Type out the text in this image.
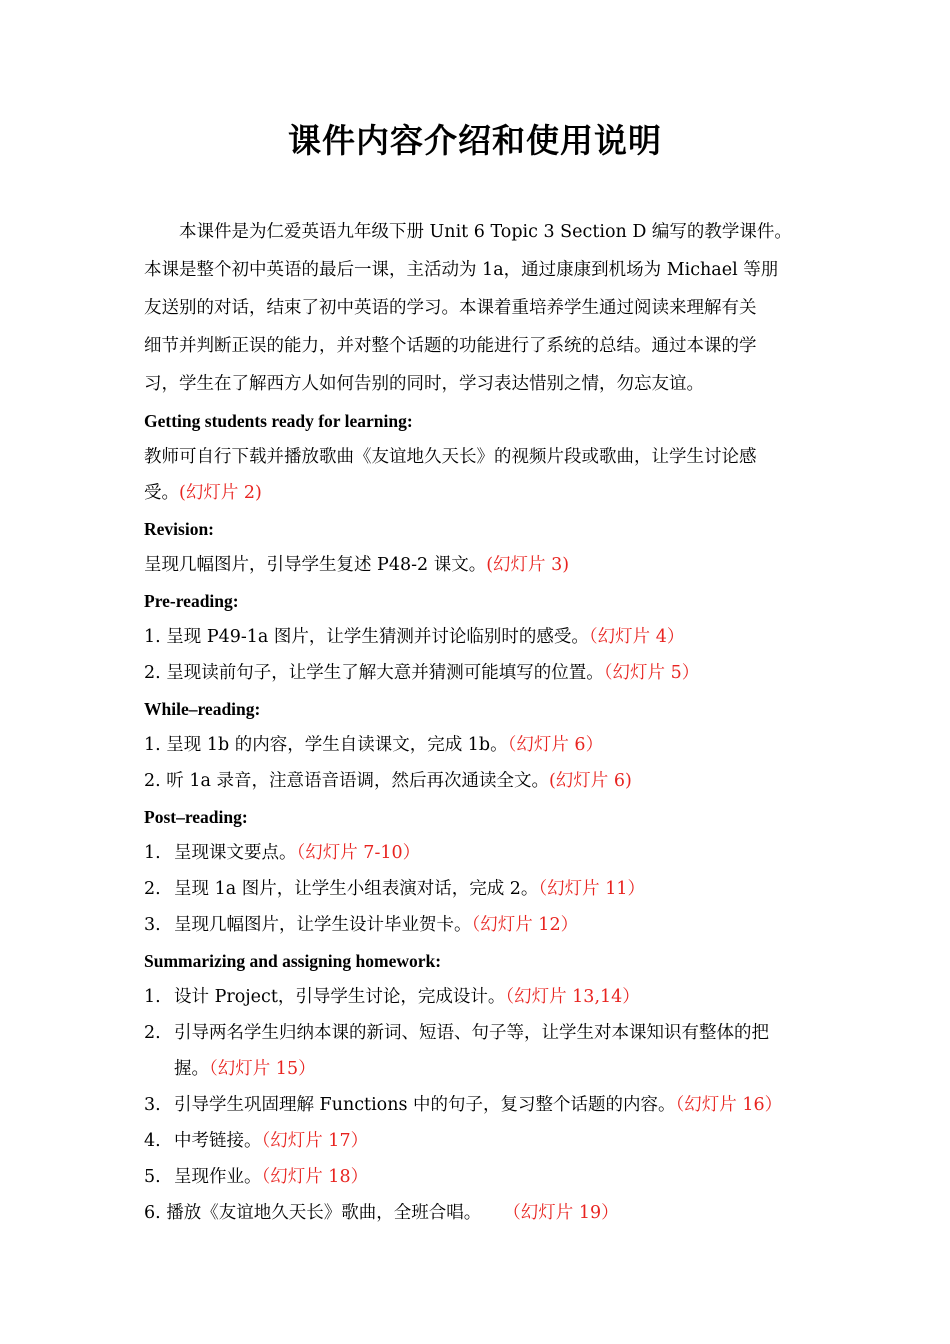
课件内容介绍和使用说明

本课件是为仁爱英语九年级下册 Unit 6 Topic 3 Section D 编写的教学课件。

本课是整个初中英语的最后一课，主活动为 1a，通过康康到机场为 Michael 等朋

友送别的对话，结束了初中英语的学习。本课着重培养学生通过阅读来理解有关

细节并判断正误的能力，并对整个话题的功能进行了系统的总结。通过本课的学

习，学生在了解西方人如何告别的同时，学习表达惜别之情，勿忘友谊。

Getting students ready for learning:

教师可自行下载并播放歌曲《友谊地久天长》的视频片段或歌曲，让学生讨论感

受。(幻灯片 2)

Revision:

呈现几幅图片，引导学生复述 P48-2 课文。(幻灯片 3)

Pre-reading:

1. 呈现 P49-1a 图片，让学生猜测并讨论临别时的感受。（幻灯片 4）

2. 呈现读前句子，让学生了解大意并猜测可能填写的位置。（幻灯片 5）

While–reading:

1. 呈现 1b 的内容，学生自读课文，完成 1b。（幻灯片 6）

2. 听 1a 录音，注意语音语调，然后再次通读全文。(幻灯片 6)

Post–reading:

1. 呈现课文要点。（幻灯片 7-10）
2. 呈现 1a 图片，让学生小组表演对话，完成 2。（幻灯片 11）
3. 呈现几幅图片，让学生设计毕业贺卡。（幻灯片 12）

Summarizing and assigning homework:

1. 设计 Project，引导学生讨论，完成设计。（幻灯片 13,14）
2. 引导两名学生归纳本课的新词、短语、句子等，让学生对本课知识有整体的把
握。（幻灯片 15）
3. 引导学生巩固理解 Functions 中的句子，复习整个话题的内容。（幻灯片 16）
4. 中考链接。（幻灯片 17）
5. 呈现作业。（幻灯片 18）

6. 播放《友谊地久天长》歌曲，全班合唱。 （幻灯片 19）
